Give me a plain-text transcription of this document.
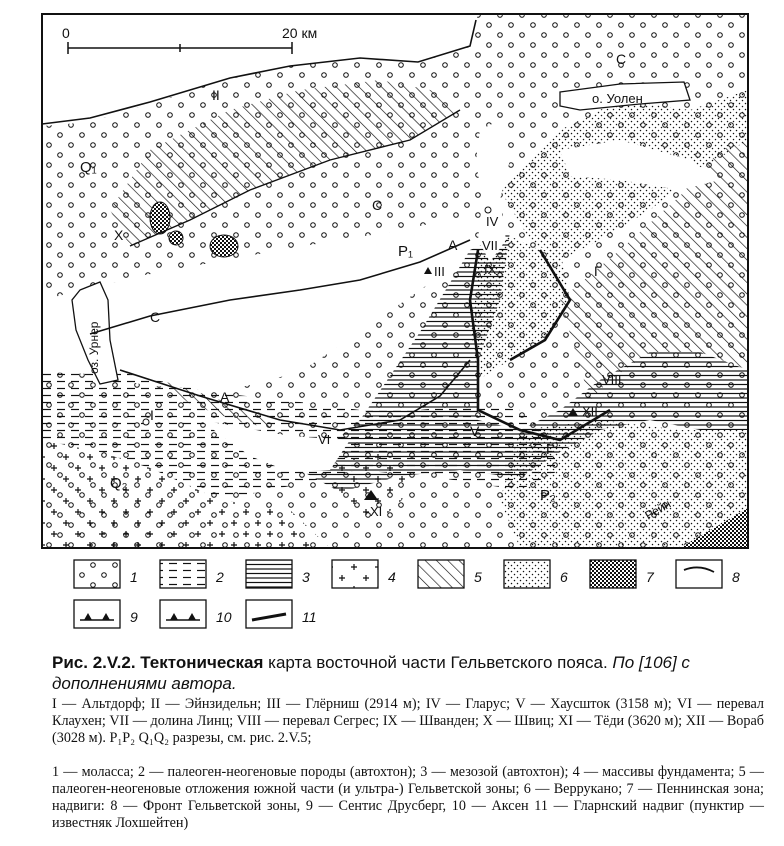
0	20 км
С
о. Уолен
II
Q₁
С
X
IV
VII
P₁ А
IX
III	Г
С
оз. Урнер
VIII
А
I	XII
V
VI
Г
Q₂
P₂
XI	Рейн
1	2	3	4	5	6	7	8
9	10	11
Рис. 2.V.2. Тектоническая карта восточной части Гельветского пояса. По [106] с дополнениями автора.
I — Альтдорф; II — Эйнзидельн; III — Глёрниш (2914 м); IV — Гларус; V — Хаусшток (3158 м); VI — перевал Клаухен; VII — долина Линц; VIII — перевал Сегрес; IX — Шванден; X — Швиц; XI — Тёди (3620 м); XII — Вораб (3028 м). P₁P₂ Q₁Q₂ разрезы, см. рис. 2.V.5;
1 — моласса; 2 — палеоген-неогеновые породы (автохтон); 3 — мезозой (автохтон); 4 — массивы фундамента; 5 — палеоген-неогеновые отложения южной части (и ультра-) Гельветской зоны; 6 — Веррукано; 7 — Пеннинская зона; надвиги: 8 — Фронт Гельветской зоны, 9 — Сентис Друсберг, 10 — Аксен 11 — Гларнский надвиг (пунктир — известняк Лохшейтен)
